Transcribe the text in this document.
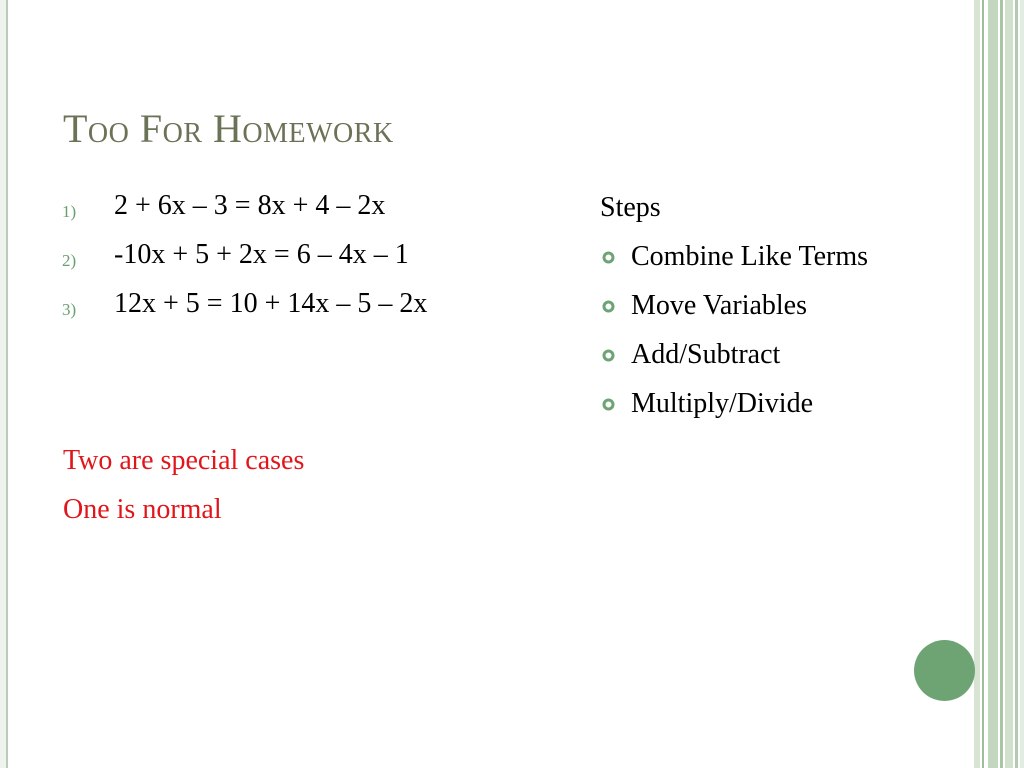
Too For Homework
1) 2 + 6x – 3 = 8x + 4 – 2x
2) -10x + 5 + 2x = 6 – 4x – 1
3) 12x + 5 = 10 + 14x – 5 – 2x
Two are special cases
One is normal
Steps
Combine Like Terms
Move Variables
Add/Subtract
Multiply/Divide
